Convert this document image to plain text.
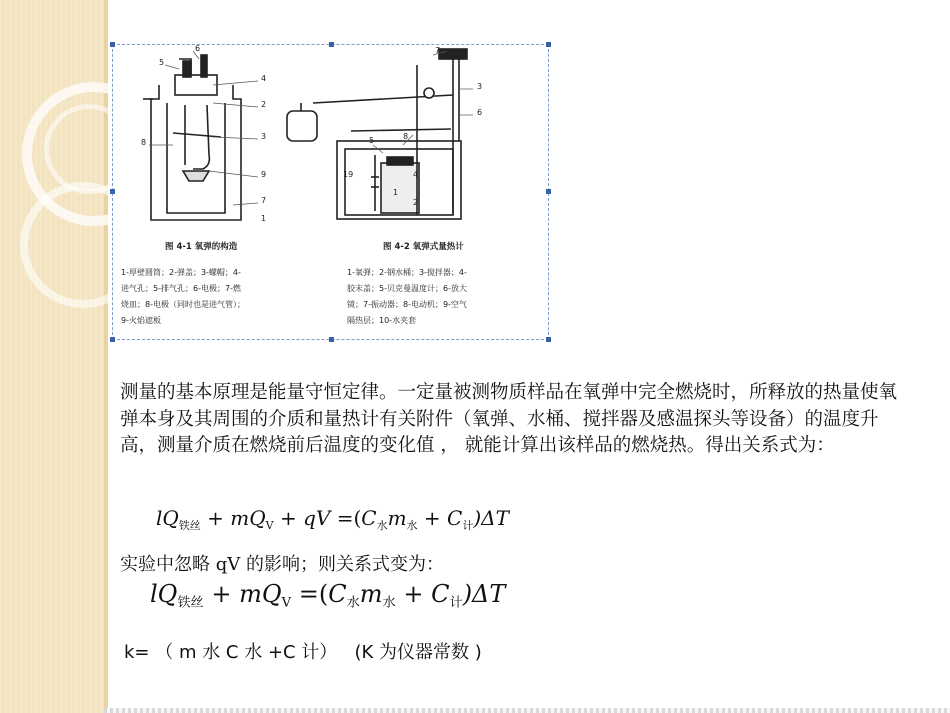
6
5
4
2
3
8
9
7
1
7
3
6
8
5
4
19
1
2
图 4-1 氧弹的构造	图 4-2 氧弹式量热计
1-厚壁圆筒；2-弹盖；3-螺帽；4-
进气孔；5-排气孔；6-电极；7-燃
烧皿；8-电极（同时也是进气管）；
9-火焰遮板
1-氧弹；2-钢水桶；3-搅拌器；4-
胶末盖；5-贝克曼温度计；6-放大
镜；7-振动器；8-电动机；9-空气
隔热层；10-水夹套
测量的基本原理是能量守恒定律。一定量被测物质样品在氧弹中完全燃烧时，所释放的热量使氧弹本身及其周围的介质和量热计有关附件（氧弹、水桶、搅拌器及感温探头等设备）的温度升高，测量介质在燃烧前后温度的变化值 ， 就能计算出该样品的燃烧热。得出关系式为：
$lQ_{铁丝} + mQ_V$ + qV $=(C_水m_水 + C_计)\Delta T$
实验中忽略 qV 的影响；则关系式变为：
$lQ_{铁丝} + mQ_V =(C_水m_水 + C_计)\Delta T$
k= （ m 水 C 水 +C 计）   (K 为仪器常数 )
